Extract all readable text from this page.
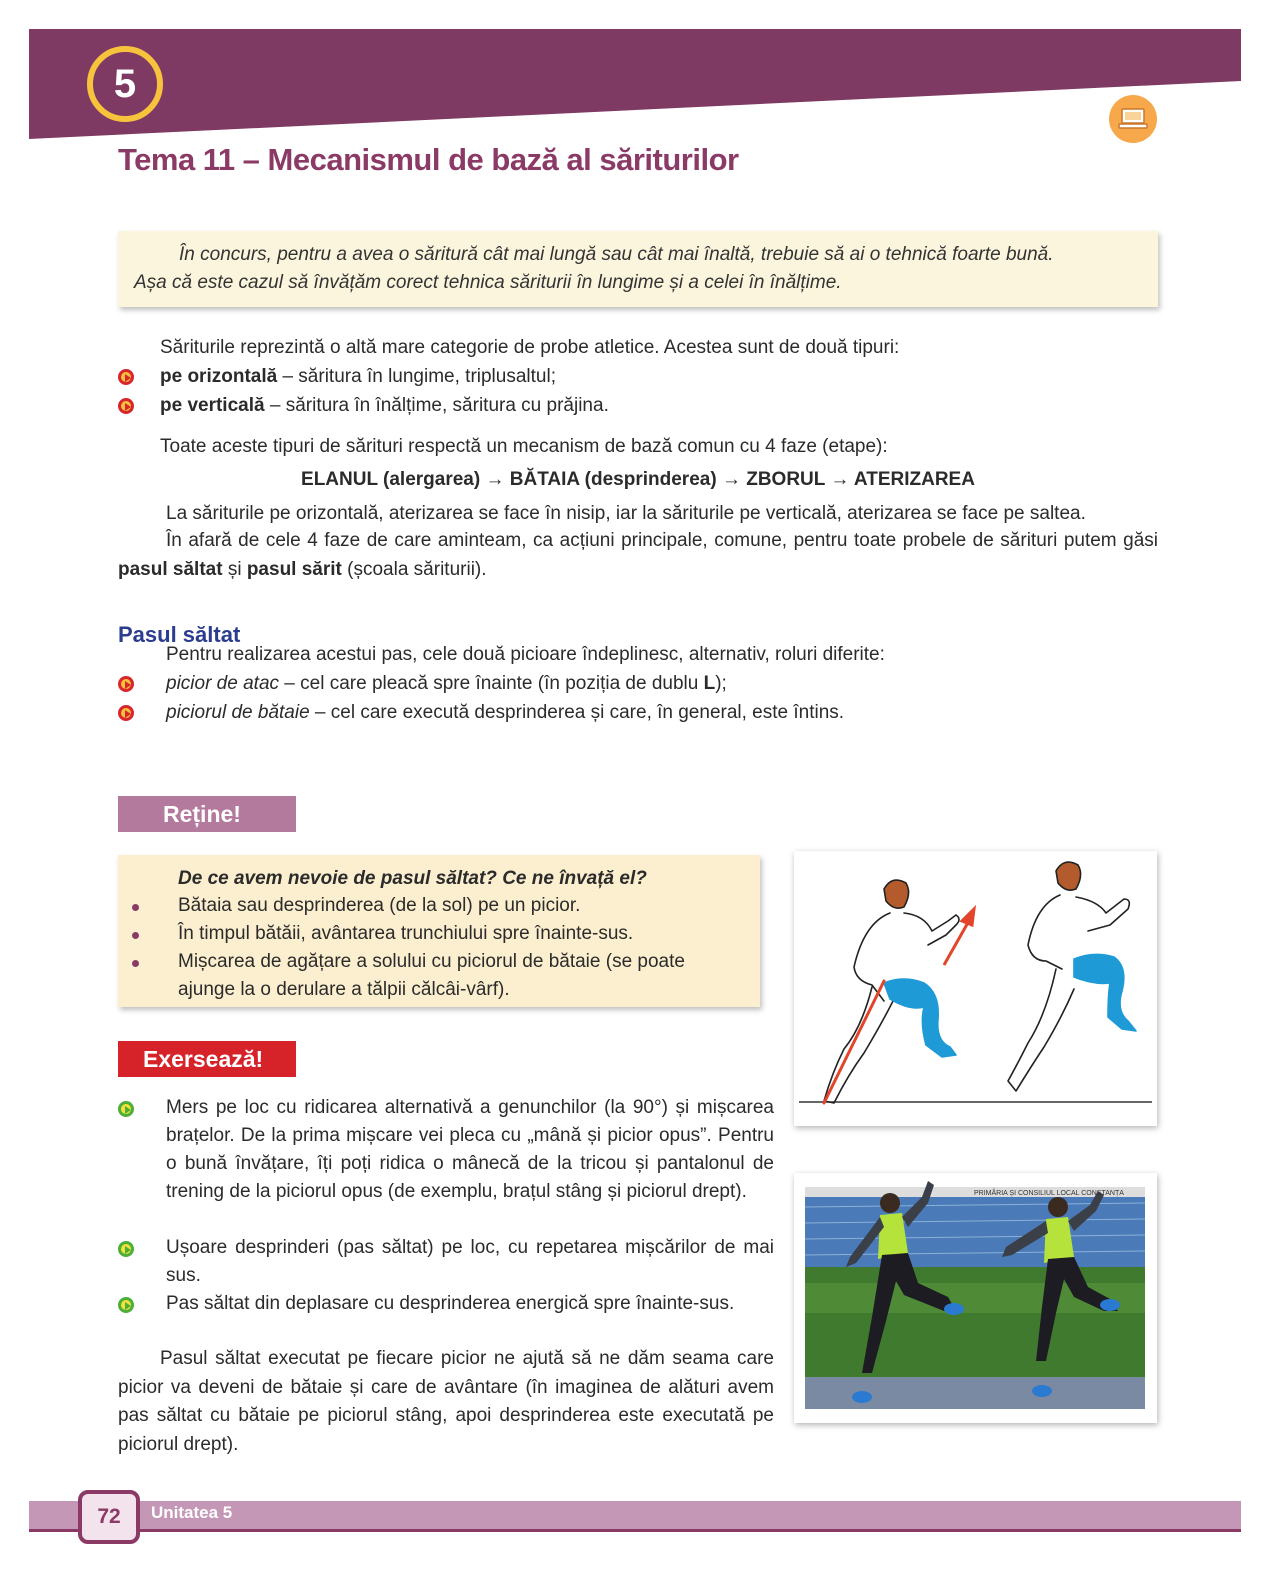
5
Tema 11 – Mecanismul de bază al săriturilor

În concurs, pentru a avea o săritură cât mai lungă sau cât mai înaltă, trebuie să ai o tehnică foarte bună.

Așa că este cazul să învățăm corect tehnica săriturii în lungime și a celei în înălțime.

Săriturile reprezintă o altă mare categorie de probe atletice. Acestea sunt de două tipuri:
pe orizontală – săritura în lungime, triplusaltul;
pe verticală – săritura în înălțime, săritura cu prăjina.
Toate aceste tipuri de sărituri respectă un mecanism de bază comun cu 4 faze (etape):
ELANUL (alergarea) → BĂTAIA (desprinderea) → ZBORUL → ATERIZAREA
La săriturile pe orizontală, aterizarea se face în nisip, iar la săriturile pe verticală, aterizarea se face pe saltea.
În afară de cele 4 faze de care aminteam, ca acțiuni principale, comune, pentru toate probele de sărituri putem găsi pasul săltat și pasul sărit (școala săriturii).
Pasul săltat
Pentru realizarea acestui pas, cele două picioare îndeplinesc, alternativ, roluri diferite:
picior de atac – cel care pleacă spre înainte (în poziția de dublu L);
piciorul de bătaie – cel care execută desprinderea și care, în general, este întins.
Reține!
De ce avem nevoie de pasul săltat? Ce ne învață el?
Bătaia sau desprinderea (de la sol) pe un picior.
În timpul bătăii, avântarea trunchiului spre înainte-sus.
Mișcarea de agățare a solului cu piciorul de bătaie (se poate
ajunge la o derulare a tălpii călcâi-vârf).
Exersează!
Mers pe loc cu ridicarea alternativă a genunchilor (la 90°) și mișcarea brațelor. De la prima mișcare vei pleca cu „mână și picior opus”. Pentru o bună învățare, îți poți ridica o mânecă de la tricou și pantalonul de trening de la piciorul opus (de exemplu, brațul stâng și piciorul drept).
Ușoare desprinderi (pas săltat) pe loc, cu repetarea mișcărilor de mai sus.
Pas săltat din deplasare cu desprinderea energică spre înainte-sus.
Pasul săltat executat pe fiecare picior ne ajută să ne dăm seama care picior va deveni de bătaie și care de avântare (în imaginea de alături avem pas săltat cu bătaie pe piciorul stâng, apoi desprinderea este executată pe piciorul drept).
PRIMĂRIA ȘI CONSILIUL LOCAL CONSTANȚA
72	Unitatea 5
